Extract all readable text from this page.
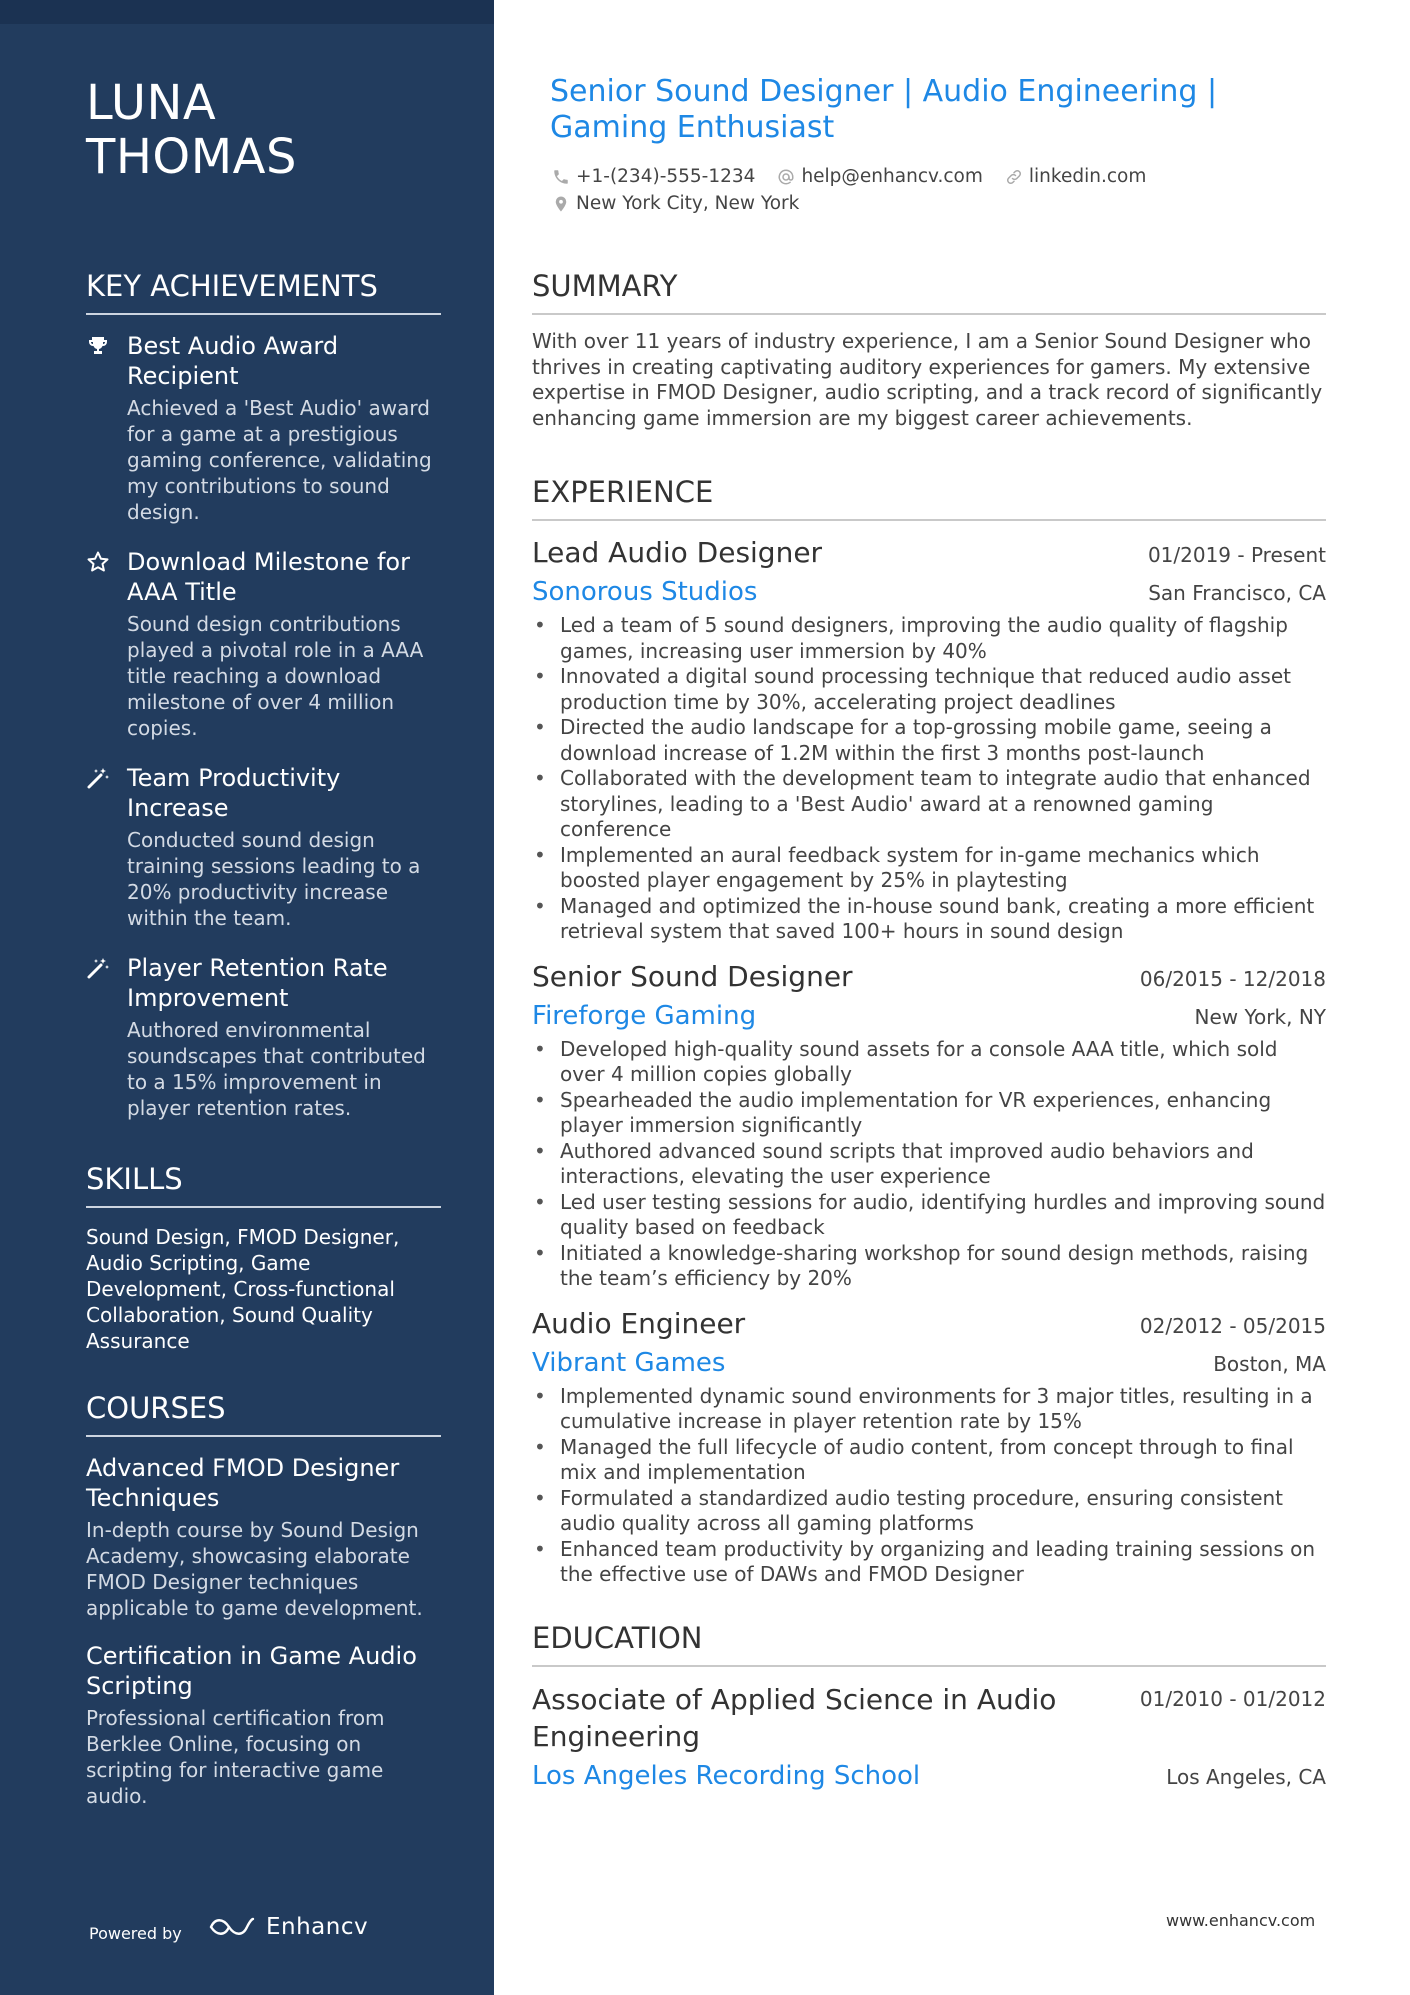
LUNA
THOMAS
KEY ACHIEVEMENTS
Best Audio Award Recipient
Achieved a 'Best Audio' award for a game at a prestigious gaming conference, validating my contributions to sound design.
Download Milestone for AAA Title
Sound design contributions played a pivotal role in a AAA title reaching a download milestone of over 4 million copies.
Team Productivity Increase
Conducted sound design training sessions leading to a 20% productivity increase within the team.
Player Retention Rate Improvement
Authored environmental soundscapes that contributed to a 15% improvement in player retention rates.
SKILLS
Sound Design, FMOD Designer, Audio Scripting, Game Development, Cross-functional Collaboration, Sound Quality Assurance
COURSES
Advanced FMOD Designer Techniques
In-depth course by Sound Design Academy, showcasing elaborate FMOD Designer techniques applicable to game development.
Certification in Game Audio Scripting
Professional certification from Berklee Online, focusing on scripting for interactive game audio.
Powered by	Enhancv
Senior Sound Designer | Audio Engineering | Gaming Enthusiast
+1-(234)-555-1234 help@enhancv.com linkedin.com
New York City, New York
SUMMARY

With over 11 years of industry experience, I am a Senior Sound Designer who thrives in creating captivating auditory experiences for gamers. My extensive expertise in FMOD Designer, audio scripting, and a track record of significantly enhancing game immersion are my biggest career achievements.

EXPERIENCE
Lead Audio Designer	01/2019 - Present
Sonorous Studios	San Francisco, CA
• Led a team of 5 sound designers, improving the audio quality of flagship games, increasing user immersion by 40%
• Innovated a digital sound processing technique that reduced audio asset production time by 30%, accelerating project deadlines
• Directed the audio landscape for a top-grossing mobile game, seeing a download increase of 1.2M within the first 3 months post-launch
• Collaborated with the development team to integrate audio that enhanced storylines, leading to a 'Best Audio' award at a renowned gaming conference
• Implemented an aural feedback system for in-game mechanics which boosted player engagement by 25% in playtesting
• Managed and optimized the in-house sound bank, creating a more efficient retrieval system that saved 100+ hours in sound design
Senior Sound Designer	06/2015 - 12/2018
Fireforge Gaming	New York, NY
• Developed high-quality sound assets for a console AAA title, which sold over 4 million copies globally
• Spearheaded the audio implementation for VR experiences, enhancing player immersion significantly
• Authored advanced sound scripts that improved audio behaviors and interactions, elevating the user experience
• Led user testing sessions for audio, identifying hurdles and improving sound quality based on feedback
• Initiated a knowledge-sharing workshop for sound design methods, raising the team’s efficiency by 20%
Audio Engineer	02/2012 - 05/2015
Vibrant Games	Boston, MA
• Implemented dynamic sound environments for 3 major titles, resulting in a cumulative increase in player retention rate by 15%
• Managed the full lifecycle of audio content, from concept through to final mix and implementation
• Formulated a standardized audio testing procedure, ensuring consistent audio quality across all gaming platforms
• Enhanced team productivity by organizing and leading training sessions on the effective use of DAWs and FMOD Designer
EDUCATION
Associate of Applied Science in Audio Engineering
01/2010 - 01/2012
Los Angeles Recording School	Los Angeles, CA
www.enhancv.com
